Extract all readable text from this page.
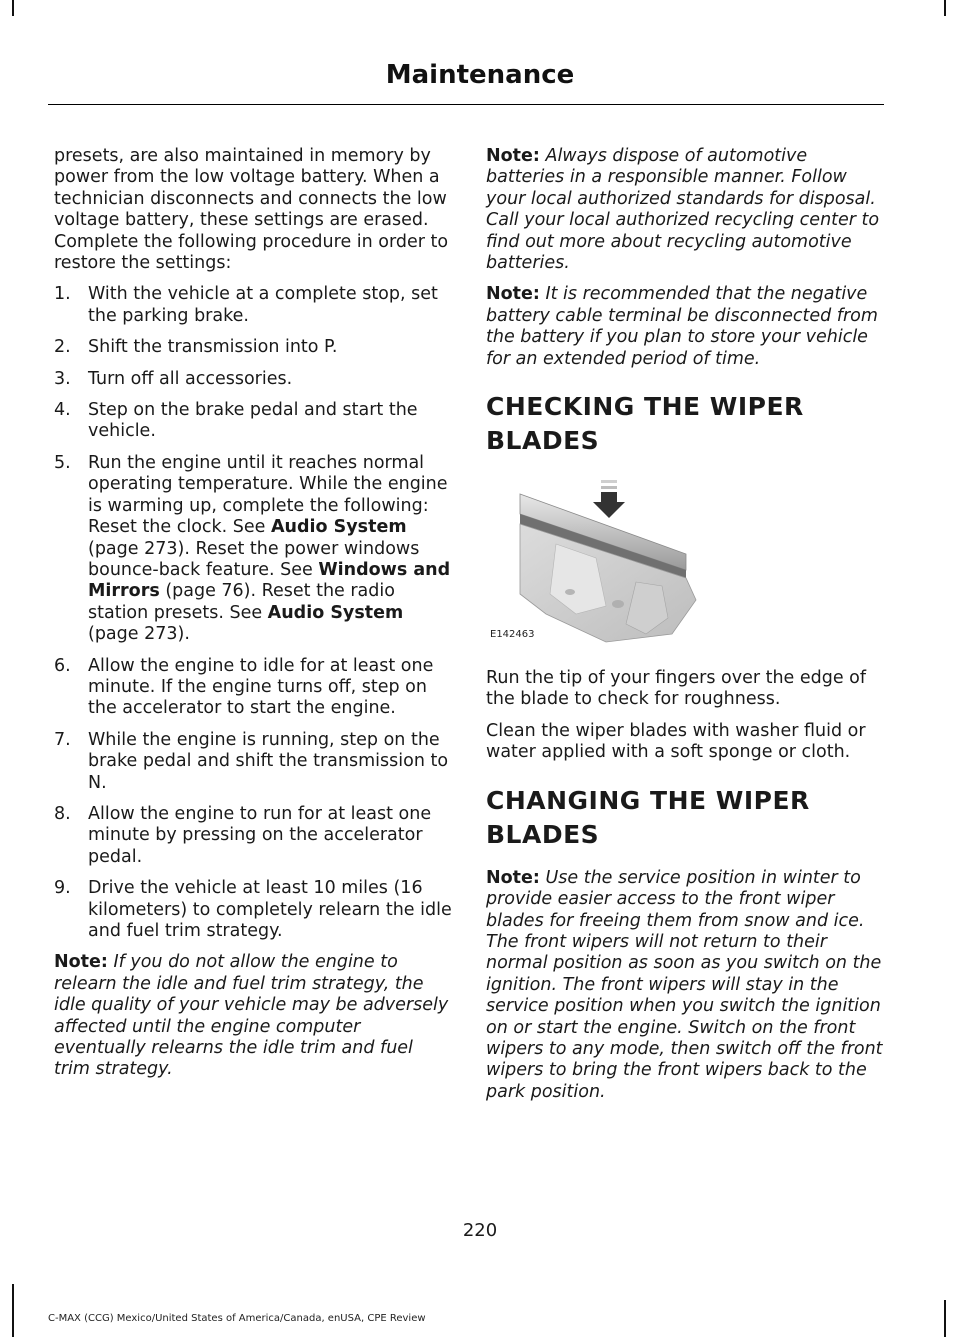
Maintenance

presets, are also maintained in memory by power from the low voltage battery. When a technician disconnects and connects the low voltage battery, these settings are erased. Complete the following procedure in order to restore the settings:

1. With the vehicle at a complete stop, set the parking brake.
2. Shift the transmission into P.
3. Turn off all accessories.
4. Step on the brake pedal and start the vehicle.
5. Run the engine until it reaches normal operating temperature. While the engine is warming up, complete the following: Reset the clock. See Audio System (page 273). Reset the power windows bounce-back feature. See Windows and Mirrors (page 76). Reset the radio station presets. See Audio System (page 273).
6. Allow the engine to idle for at least one minute. If the engine turns off, step on the accelerator to start the engine.
7. While the engine is running, step on the brake pedal and shift the transmission to N.
8. Allow the engine to run for at least one minute by pressing on the accelerator pedal.
9. Drive the vehicle at least 10 miles (16 kilometers) to completely relearn the idle and fuel trim strategy.

Note: If you do not allow the engine to relearn the idle and fuel trim strategy, the idle quality of your vehicle may be adversely affected until the engine computer eventually relearns the idle trim and fuel trim strategy.

Note: Always dispose of automotive batteries in a responsible manner. Follow your local authorized standards for disposal. Call your local authorized recycling center to find out more about recycling automotive batteries.

Note: It is recommended that the negative battery cable terminal be disconnected from the battery if you plan to store your vehicle for an extended period of time.

CHECKING THE WIPER BLADES
E142463

Run the tip of your fingers over the edge of the blade to check for roughness.

Clean the wiper blades with washer fluid or water applied with a soft sponge or cloth.

CHANGING THE WIPER BLADES

Note: Use the service position in winter to provide easier access to the front wiper blades for freeing them from snow and ice. The front wipers will not return to their normal position as soon as you switch on the ignition. The front wipers will stay in the service position when you switch the ignition on or start the engine. Switch on the front wipers to any mode, then switch off the front wipers to bring the front wipers back to the park position.

220
C-MAX (CCG) Mexico/United States of America/Canada, enUSA, CPE Review
